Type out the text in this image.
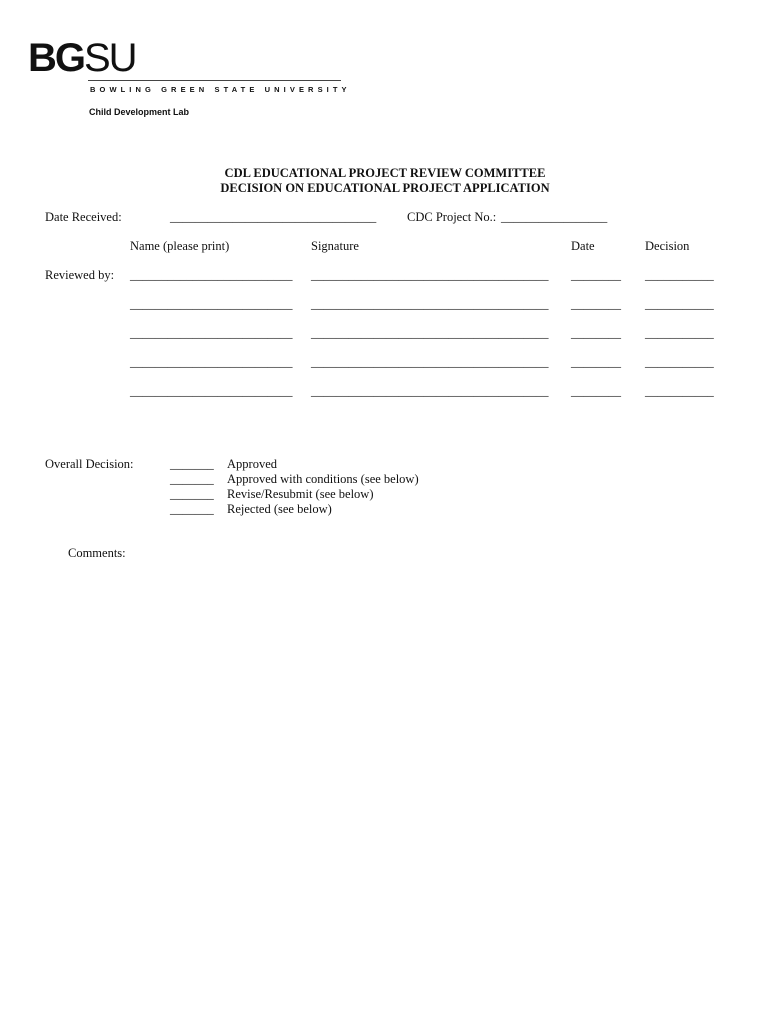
BGSU
BOWLING GREEN STATE UNIVERSITY
Child Development Lab
CDL EDUCATIONAL PROJECT REVIEW COMMITTEE
DECISION ON EDUCATIONAL PROJECT APPLICATION
Date Received:	_________________________________ CDC Project No.: _________________
Name (please print)	Signature	Date	Decision
Reviewed by: __________________________ ______________________________________ ________ ___________
__________________________ ______________________________________ ________ ___________
__________________________ ______________________________________ ________ ___________
__________________________ ______________________________________ ________ ___________
__________________________ ______________________________________ ________ ___________
Overall Decision:	_______ Approved
_______ Approved with conditions (see below)
_______ Revise/Resubmit (see below)
_______ Rejected (see below)
Comments:
